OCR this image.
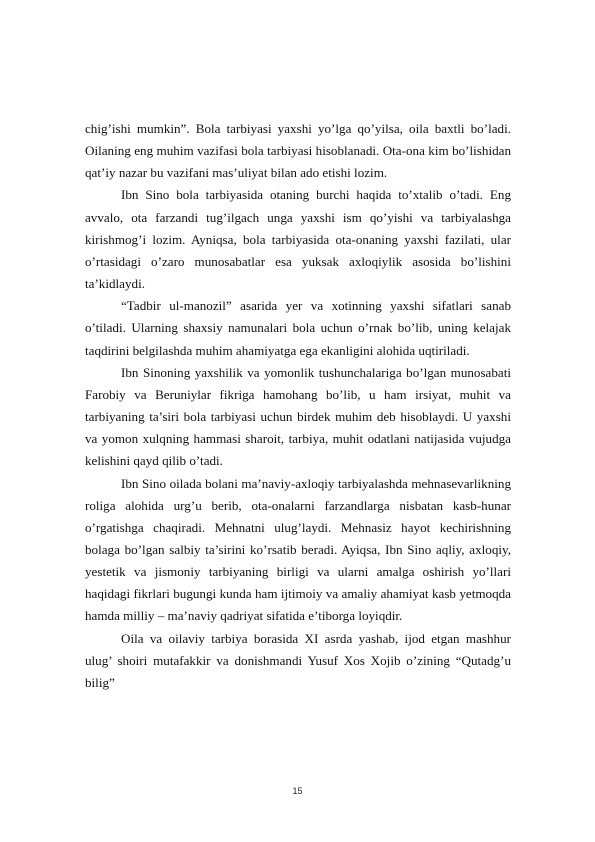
chig’ishi mumkin”. Bola tarbiyasi yaxshi yo’lga qo’yilsa, oila baxtli bo’ladi. Oilaning eng muhim vazifasi bola tarbiyasi hisoblanadi. Ota-ona kim bo’lishidan qat’iy nazar bu vazifani mas’uliyat bilan ado etishi lozim.

Ibn Sino bola tarbiyasida otaning burchi haqida to’xtalib o’tadi. Eng avvalo, ota farzandi tug’ilgach unga yaxshi ism qo’yishi va tarbiyalashga kirishmog’i lozim. Ayniqsa, bola tarbiyasida ota-onaning yaxshi fazilati, ular o’rtasidagi o’zaro munosabatlar esa yuksak axloqiylik asosida bo’lishini ta’kidlaydi.

“Tadbir ul-manozil” asarida yer va xotinning yaxshi sifatlari sanab o’tiladi. Ularning shaxsiy namunalari bola uchun o’rnak bo’lib, uning kelajak taqdirini belgilashda muhim ahamiyatga ega ekanligini alohida uqtiriladi.

Ibn Sinoning yaxshilik va yomonlik tushunchalariga bo’lgan munosabati Farobiy va Beruniylar fikriga hamohang bo’lib, u ham irsiyat, muhit va tarbiyaning ta’siri bola tarbiyasi uchun birdek muhim deb hisoblaydi. U yaxshi va yomon xulqning hammasi sharoit, tarbiya, muhit odatlani natijasida vujudga kelishini qayd qilib o’tadi.

Ibn Sino oilada bolani ma’naviy-axloqiy tarbiyalashda mehnasevarlikning roliga alohida urg’u berib, ota-onalarni farzandlarga nisbatan kasb-hunar o’rgatishga chaqiradi. Mehnatni ulug’laydi. Mehnasiz hayot kechirishning bolaga bo’lgan salbiy ta’sirini ko’rsatib beradi. Ayiqsa, Ibn Sino aqliy, axloqiy, yestetik va jismoniy tarbiyaning birligi va ularni amalga oshirish yo’llari haqidagi fikrlari bugungi kunda ham ijtimoiy va amaliy ahamiyat kasb yetmoqda hamda milliy – ma’naviy qadriyat sifatida e’tiborga loyiqdir.

Oila va oilaviy tarbiya borasida XI asrda yashab, ijod etgan mashhur ulug’ shoiri mutafakkir va donishmandi Yusuf Xos Xojib o’zining “Qutadg’u bilig”

15
